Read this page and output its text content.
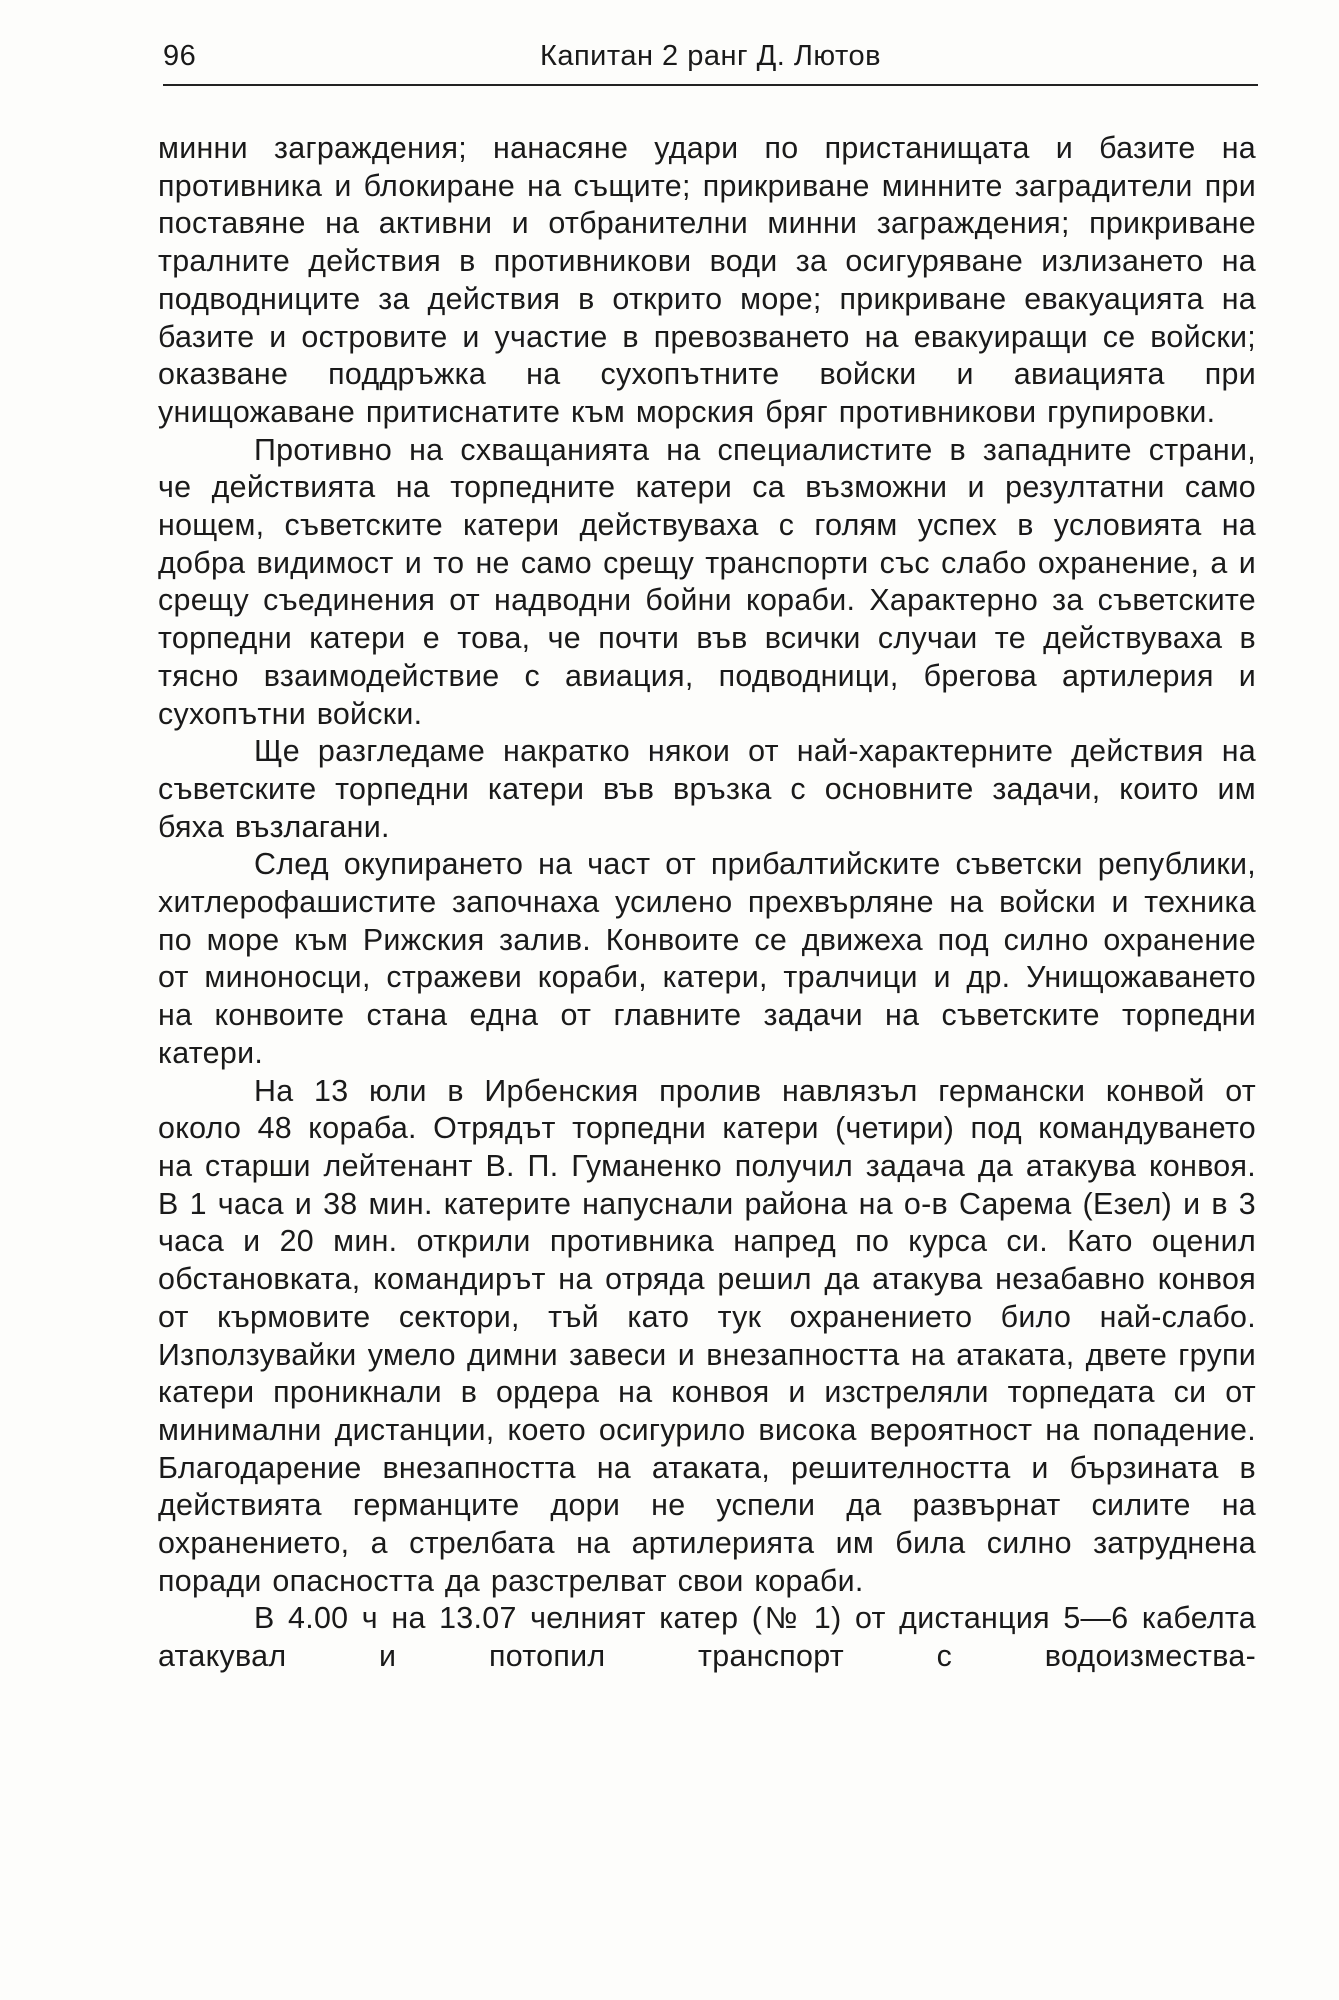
96	Капитан 2 ранг Д. Лютов

минни заграждения; нанасяне удари по пристанищата и базите на противника и блокиране на същите; прикриване минните заградители при поставяне на активни и отбранителни минни заграждения; прикриване тралните действия в противникови води за осигуряване излизането на подводниците за действия в открито море; прикриване евакуацията на базите и островите и участие в превозването на евакуиращи се войски; оказване поддръжка на сухопътните войски и авиацията при унищожаване притиснатите към морския бряг противникови групировки.

Противно на схващанията на специалистите в западните страни, че действията на торпедните катери са възможни и резултатни само нощем, съветските катери действуваха с голям успех в условията на добра видимост и то не само срещу транспорти със слабо охранение, а и срещу съединения от надводни бойни кораби. Характерно за съветските торпедни катери е това, че почти във всички случаи те действуваха в тясно взаимодействие с авиация, подводници, брегова артилерия и сухопътни войски.

Ще разгледаме накратко някои от най-характерните действия на съветските торпедни катери във връзка с основните задачи, които им бяха възлагани.

След окупирането на част от прибалтийските съветски републики, хитлерофашистите започнаха усилено прехвърляне на войски и техника по море към Рижския залив. Конвоите се движеха под силно охранение от миноносци, стражеви кораби, катери, тралчици и др. Унищожаването на конвоите стана една от главните задачи на съветските торпедни катери.

На 13 юли в Ирбенския пролив навлязъл германски конвой от около 48 кораба. Отрядът торпедни катери (четири) под командуването на старши лейтенант В. П. Гуманенко получил задача да атакува конвоя. В 1 часа и 38 мин. катерите напуснали района на о-в Сарема (Езел) и в 3 часа и 20 мин. открили противника напред по курса си. Като оценил обстановката, командирът на отряда решил да атакува незабавно конвоя от кърмовите сектори, тъй като тук охранението било най-слабо. Използувайки умело димни завеси и внезапността на атаката, двете групи катери проникнали в ордера на конвоя и изстреляли торпедата си от минимални дистанции, което осигурило висока вероятност на попадение. Благодарение внезапността на атаката, решителността и бързината в действията германците дори не успели да развърнат силите на охранението, а стрелбата на артилерията им била силно затруднена поради опасността да разстрелват свои кораби.

В 4.00 ч на 13.07 челният катер (№ 1) от дистанция 5—6 кабелта атакувал и потопил транспорт с водоизмества-
